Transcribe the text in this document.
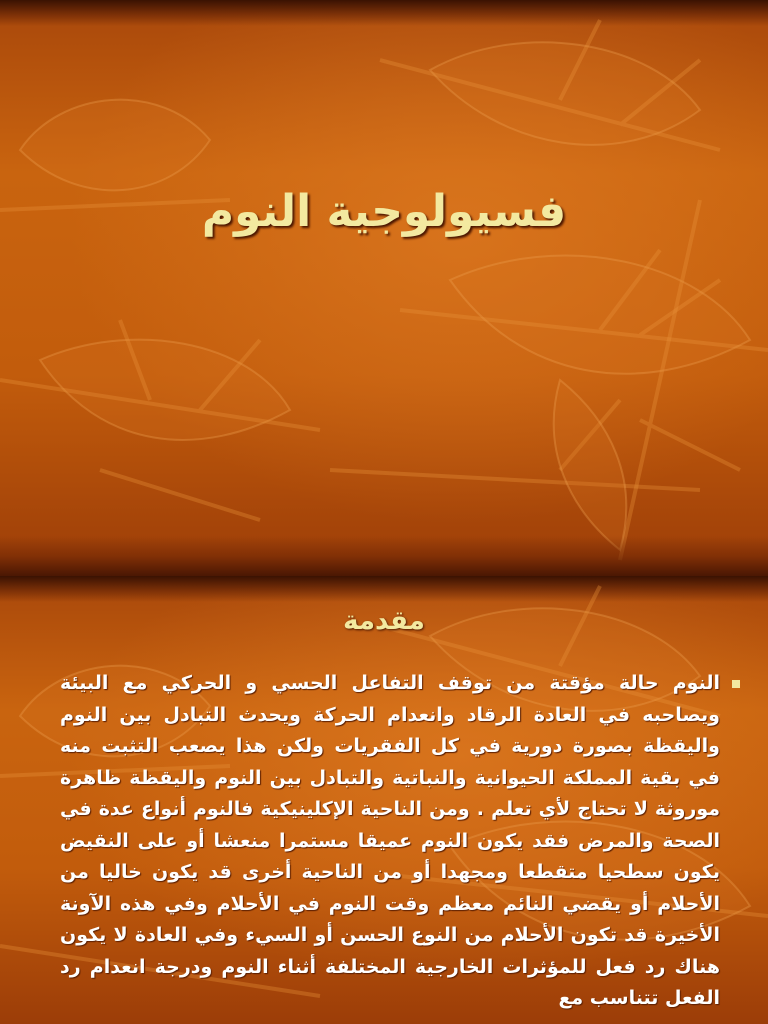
فسيولوجية النوم
مقدمة

النوم حالة مؤقتة من توقف التفاعل الحسي و الحركي مع البيئة ويصاحبه في العادة الرقاد وانعدام الحركة ويحدث التبادل بين النوم واليقظة بصورة دورية في كل الفقريات ولكن هذا يصعب التثبت منه في بقية المملكة الحيوانية والنباتية والتبادل بين النوم واليقظة ظاهرة موروثة لا تحتاج لأي تعلم . ومن الناحية الإكلينيكية فالنوم أنواع عدة في الصحة والمرض فقد يكون النوم عميقا مستمرا منعشا أو على النقيض يكون سطحيا متقطعا ومجهدا أو من الناحية أخرى قد يكون خاليا من الأحلام أو يقضي النائم معظم وقت النوم في الأحلام وفي هذه الآونة الأخيرة قد تكون الأحلام من النوع الحسن أو السيء وفي العادة لا يكون هناك رد فعل للمؤثرات الخارجية المختلفة أثناء النوم ودرجة انعدام رد الفعل تتناسب مع
